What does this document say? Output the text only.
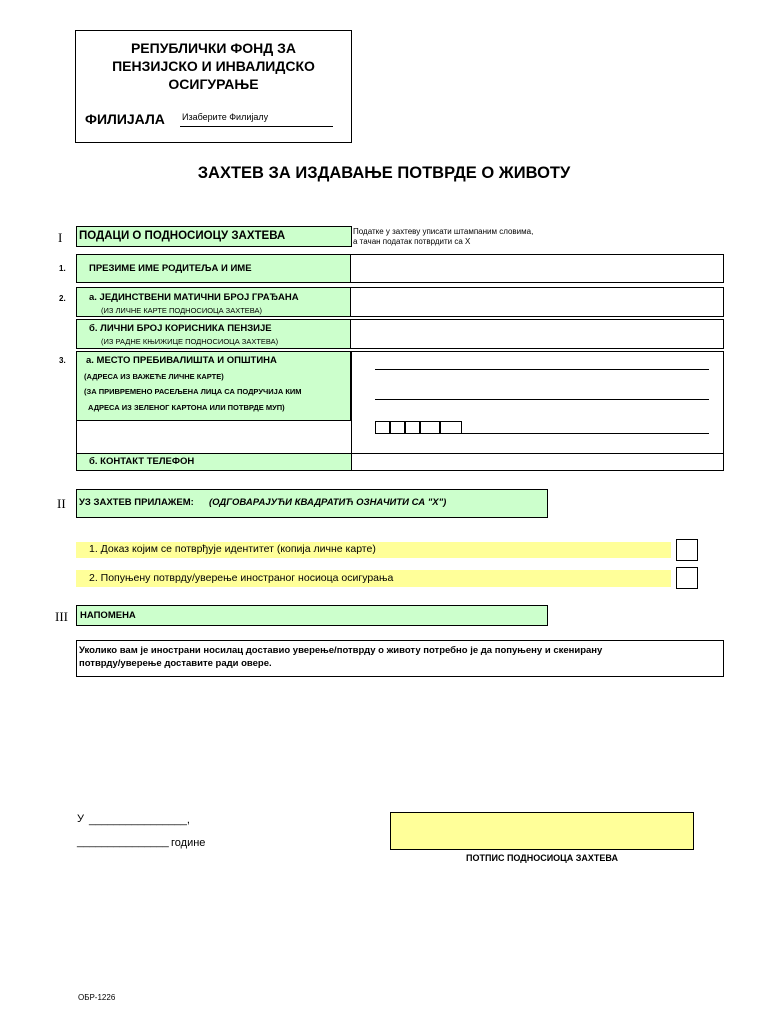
РЕПУБЛИЧКИ ФОНД ЗА
ПЕНЗИЈСКО И ИНВАЛИДСКО
ОСИГУРАЊЕ
ФИЛИЈАЛА Изаберите Филијалу
ЗАХТЕВ ЗА ИЗДАВАЊЕ ПОТВРДЕ О ЖИВОТУ
I ПОДАЦИ О ПОДНОСИОЦУ ЗАХТЕВА	Податке у захтеву уписати штампаним словима,
а тачан податак потврдити са X
1.	ПРЕЗИМЕ ИМЕ РОДИТЕЉА И ИМЕ
2. а. ЈЕДИНСТВЕНИ МАТИЧНИ БРОЈ ГРАЂАНА
(ИЗ ЛИЧНЕ КАРТЕ ПОДНОСИОЦА ЗАХТЕВА)
б. ЛИЧНИ БРОЈ КОРИСНИКА ПЕНЗИЈЕ
(ИЗ РАДНЕ КЊИЖИЦЕ ПОДНОСИОЦА ЗАХТЕВА)
3. а. МЕСТО ПРЕБИВАЛИШТА И ОПШТИНА
(АДРЕСА ИЗ ВАЖЕЋЕ ЛИЧНЕ КАРТЕ)
(ЗА ПРИВРЕМЕНО РАСЕЉЕНА ЛИЦА СА ПОДРУЧИЈА КИМ
АДРЕСА ИЗ ЗЕЛЕНОГ КАРТОНА ИЛИ ПОТВРДЕ МУП)
б. КОНТАКТ ТЕЛЕФОН
II УЗ ЗАХТЕВ ПРИЛАЖЕМ: (ОДГОВАРАЈУЋИ КВАДРАТИЋ ОЗНАЧИТИ СА "X")
1. Доказ којим се потврђује идентитет (копија личне карте)
2. Попуњену потврду/уверење иностраног носиоца осигурања
III	НАПОМЕНА
Уколико вам је инострани носилац доставио уверење/потврду о животу потребно је да попуњену и скенирану
потврду/уверење доставите ради овере.
У ________________,
_______________ године
ПОТПИС ПОДНОСИОЦА ЗАХТЕВА
ОБР-1226
